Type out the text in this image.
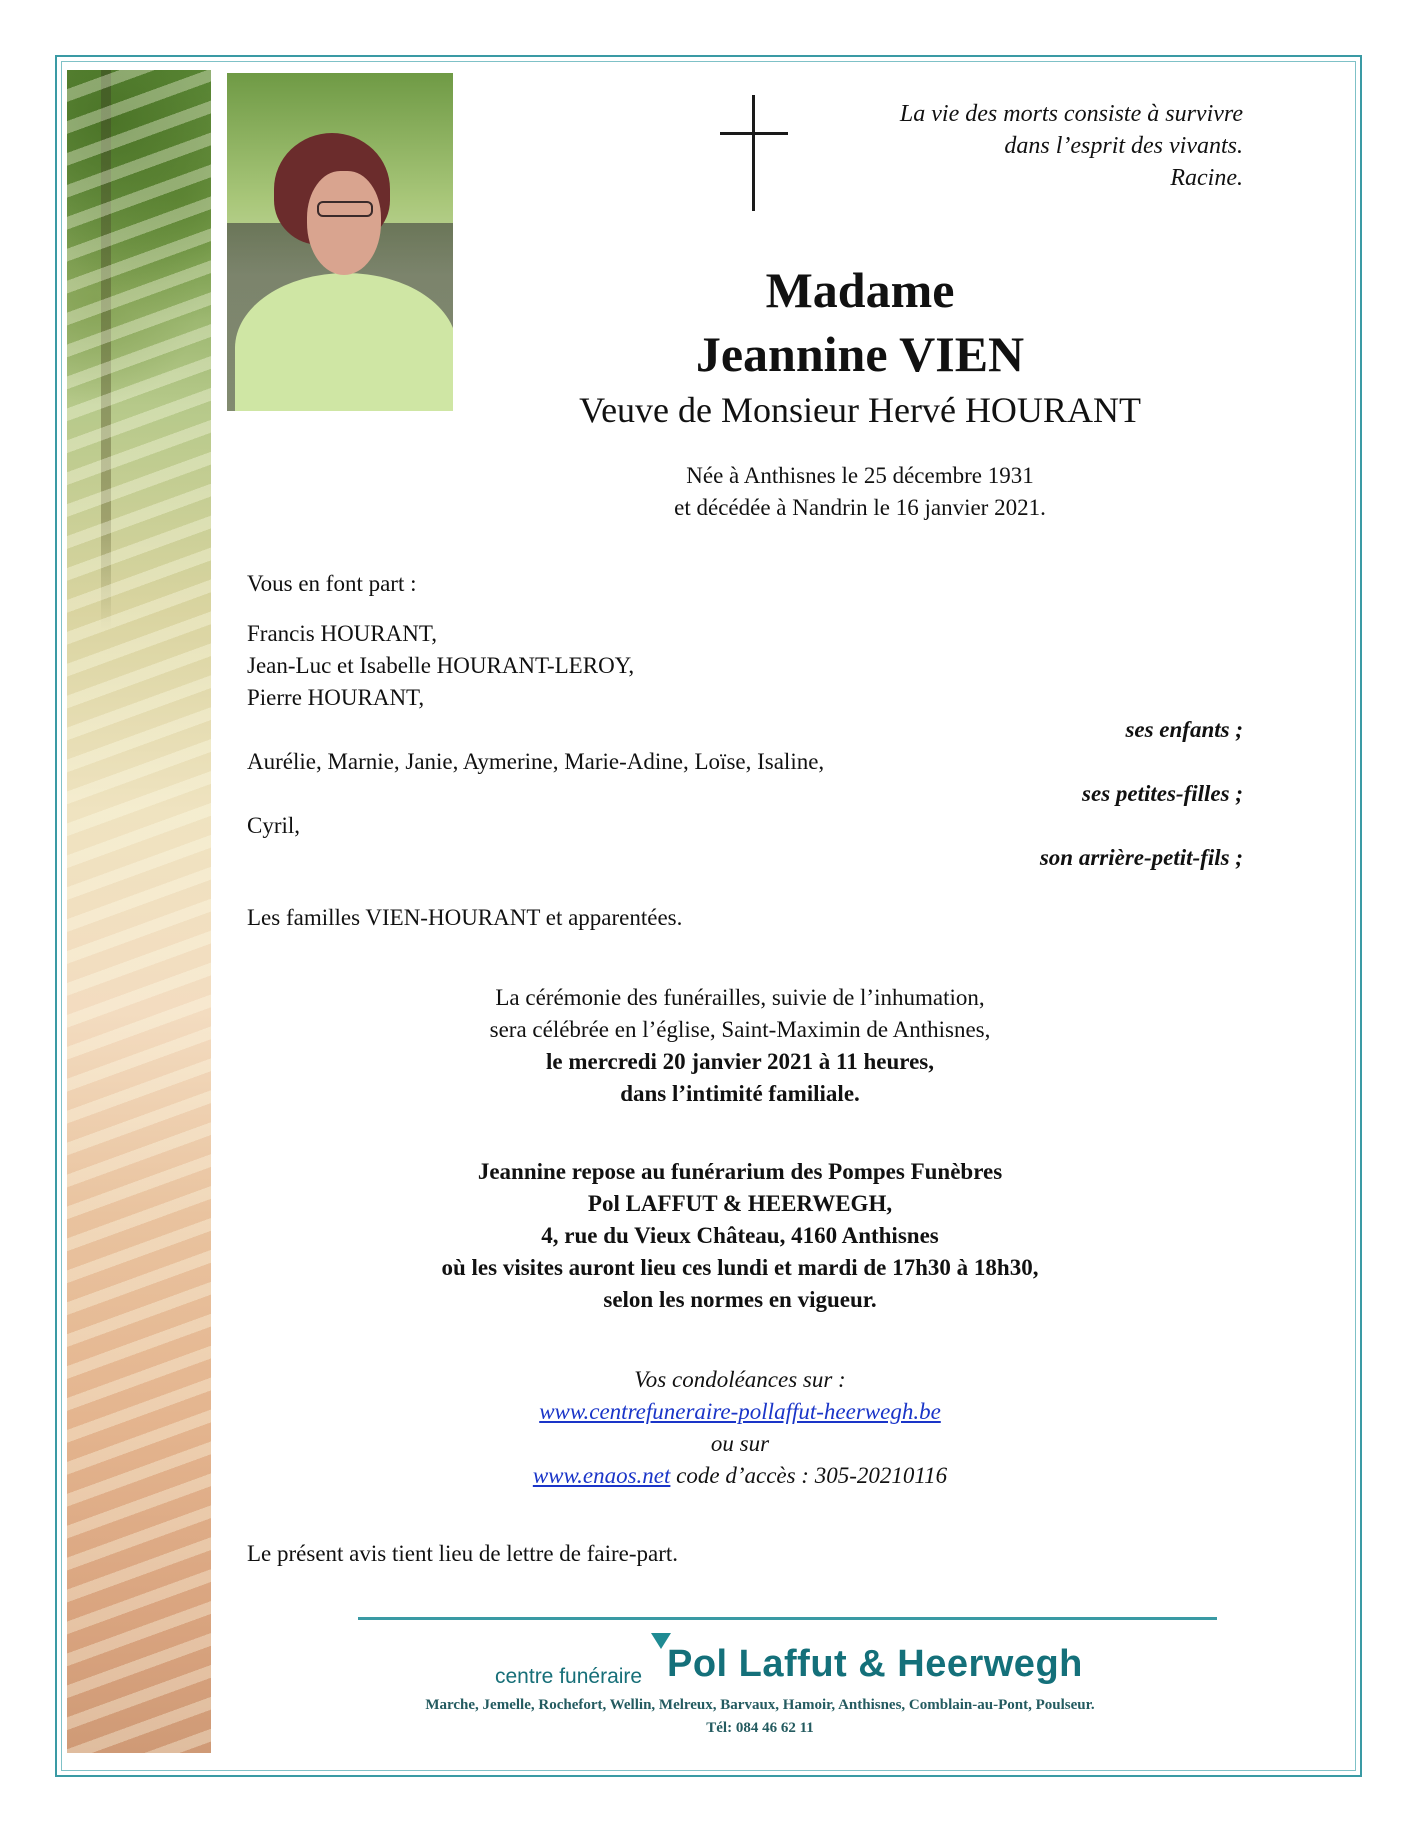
La vie des morts consiste à survivre
dans l’esprit des vivants.
Racine.
Madame
Jeannine VIEN
Veuve de Monsieur Hervé HOURANT
Née à Anthisnes le 25 décembre 1931
et décédée à Nandrin le 16 janvier 2021.
Vous en font part :
Francis HOURANT,
Jean-Luc et Isabelle HOURANT-LEROY,
Pierre HOURANT,
ses enfants ;
Aurélie, Marnie, Janie, Aymerine, Marie-Adine, Loïse, Isaline,
ses petites-filles ;
Cyril,
son arrière-petit-fils ;
Les familles VIEN-HOURANT et apparentées.
La cérémonie des funérailles, suivie de l’inhumation,
sera célébrée en l’église, Saint-Maximin de Anthisnes,
le mercredi 20 janvier 2021 à 11 heures,
dans l’intimité familiale.
Jeannine repose au funérarium des Pompes Funèbres
Pol LAFFUT & HEERWEGH,
4, rue du Vieux Château, 4160 Anthisnes
où les visites auront lieu ces lundi et mardi de 17h30 à 18h30,
selon les normes en vigueur.
Vos condoléances sur :
www.centrefuneraire-pollaffut-heerwegh.be
ou sur
www.enaos.net code d’accès : 305-20210116
Le présent avis tient lieu de lettre de faire-part.
centre funéraire Pol Laffut & Heerwegh
Marche, Jemelle, Rochefort, Wellin, Melreux, Barvaux, Hamoir, Anthisnes, Comblain-au-Pont, Poulseur.
Tél: 084 46 62 11
